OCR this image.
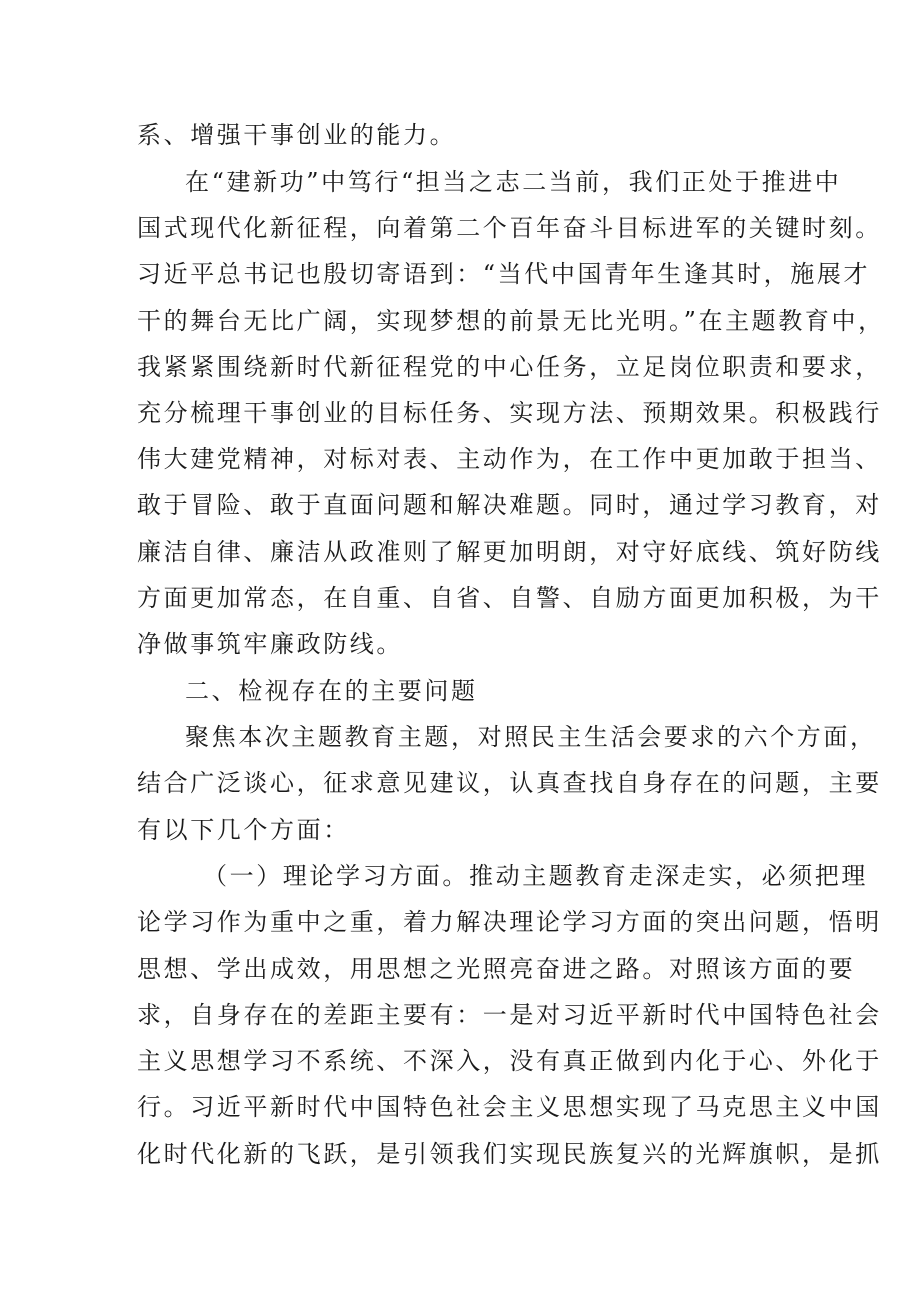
系、增强干事创业的能力。

在“建新功”中笃行“担当之志二当前，我们正处于推进中

国式现代化新征程，向着第二个百年奋斗目标进军的关键时刻。

习近平总书记也殷切寄语到：“当代中国青年生逢其时，施展才

干的舞台无比广阔，实现梦想的前景无比光明。”在主题教育中，

我紧紧围绕新时代新征程党的中心任务，立足岗位职责和要求，

充分梳理干事创业的目标任务、实现方法、预期效果。积极践行

伟大建党精神，对标对表、主动作为，在工作中更加敢于担当、

敢于冒险、敢于直面问题和解决难题。同时，通过学习教育，对

廉洁自律、廉洁从政准则了解更加明朗，对守好底线、筑好防线

方面更加常态，在自重、自省、自警、自励方面更加积极，为干

净做事筑牢廉政防线。

二、检视存在的主要问题

聚焦本次主题教育主题，对照民主生活会要求的六个方面，

结合广泛谈心，征求意见建议，认真查找自身存在的问题，主要

有以下几个方面：

（一）理论学习方面。推动主题教育走深走实，必须把理

论学习作为重中之重，着力解决理论学习方面的突出问题，悟明

思想、学出成效，用思想之光照亮奋进之路。对照该方面的要

求，自身存在的差距主要有：一是对习近平新时代中国特色社会

主义思想学习不系统、不深入，没有真正做到内化于心、外化于

行。习近平新时代中国特色社会主义思想实现了马克思主义中国

化时代化新的飞跃，是引领我们实现民族复兴的光辉旗帜，是抓
